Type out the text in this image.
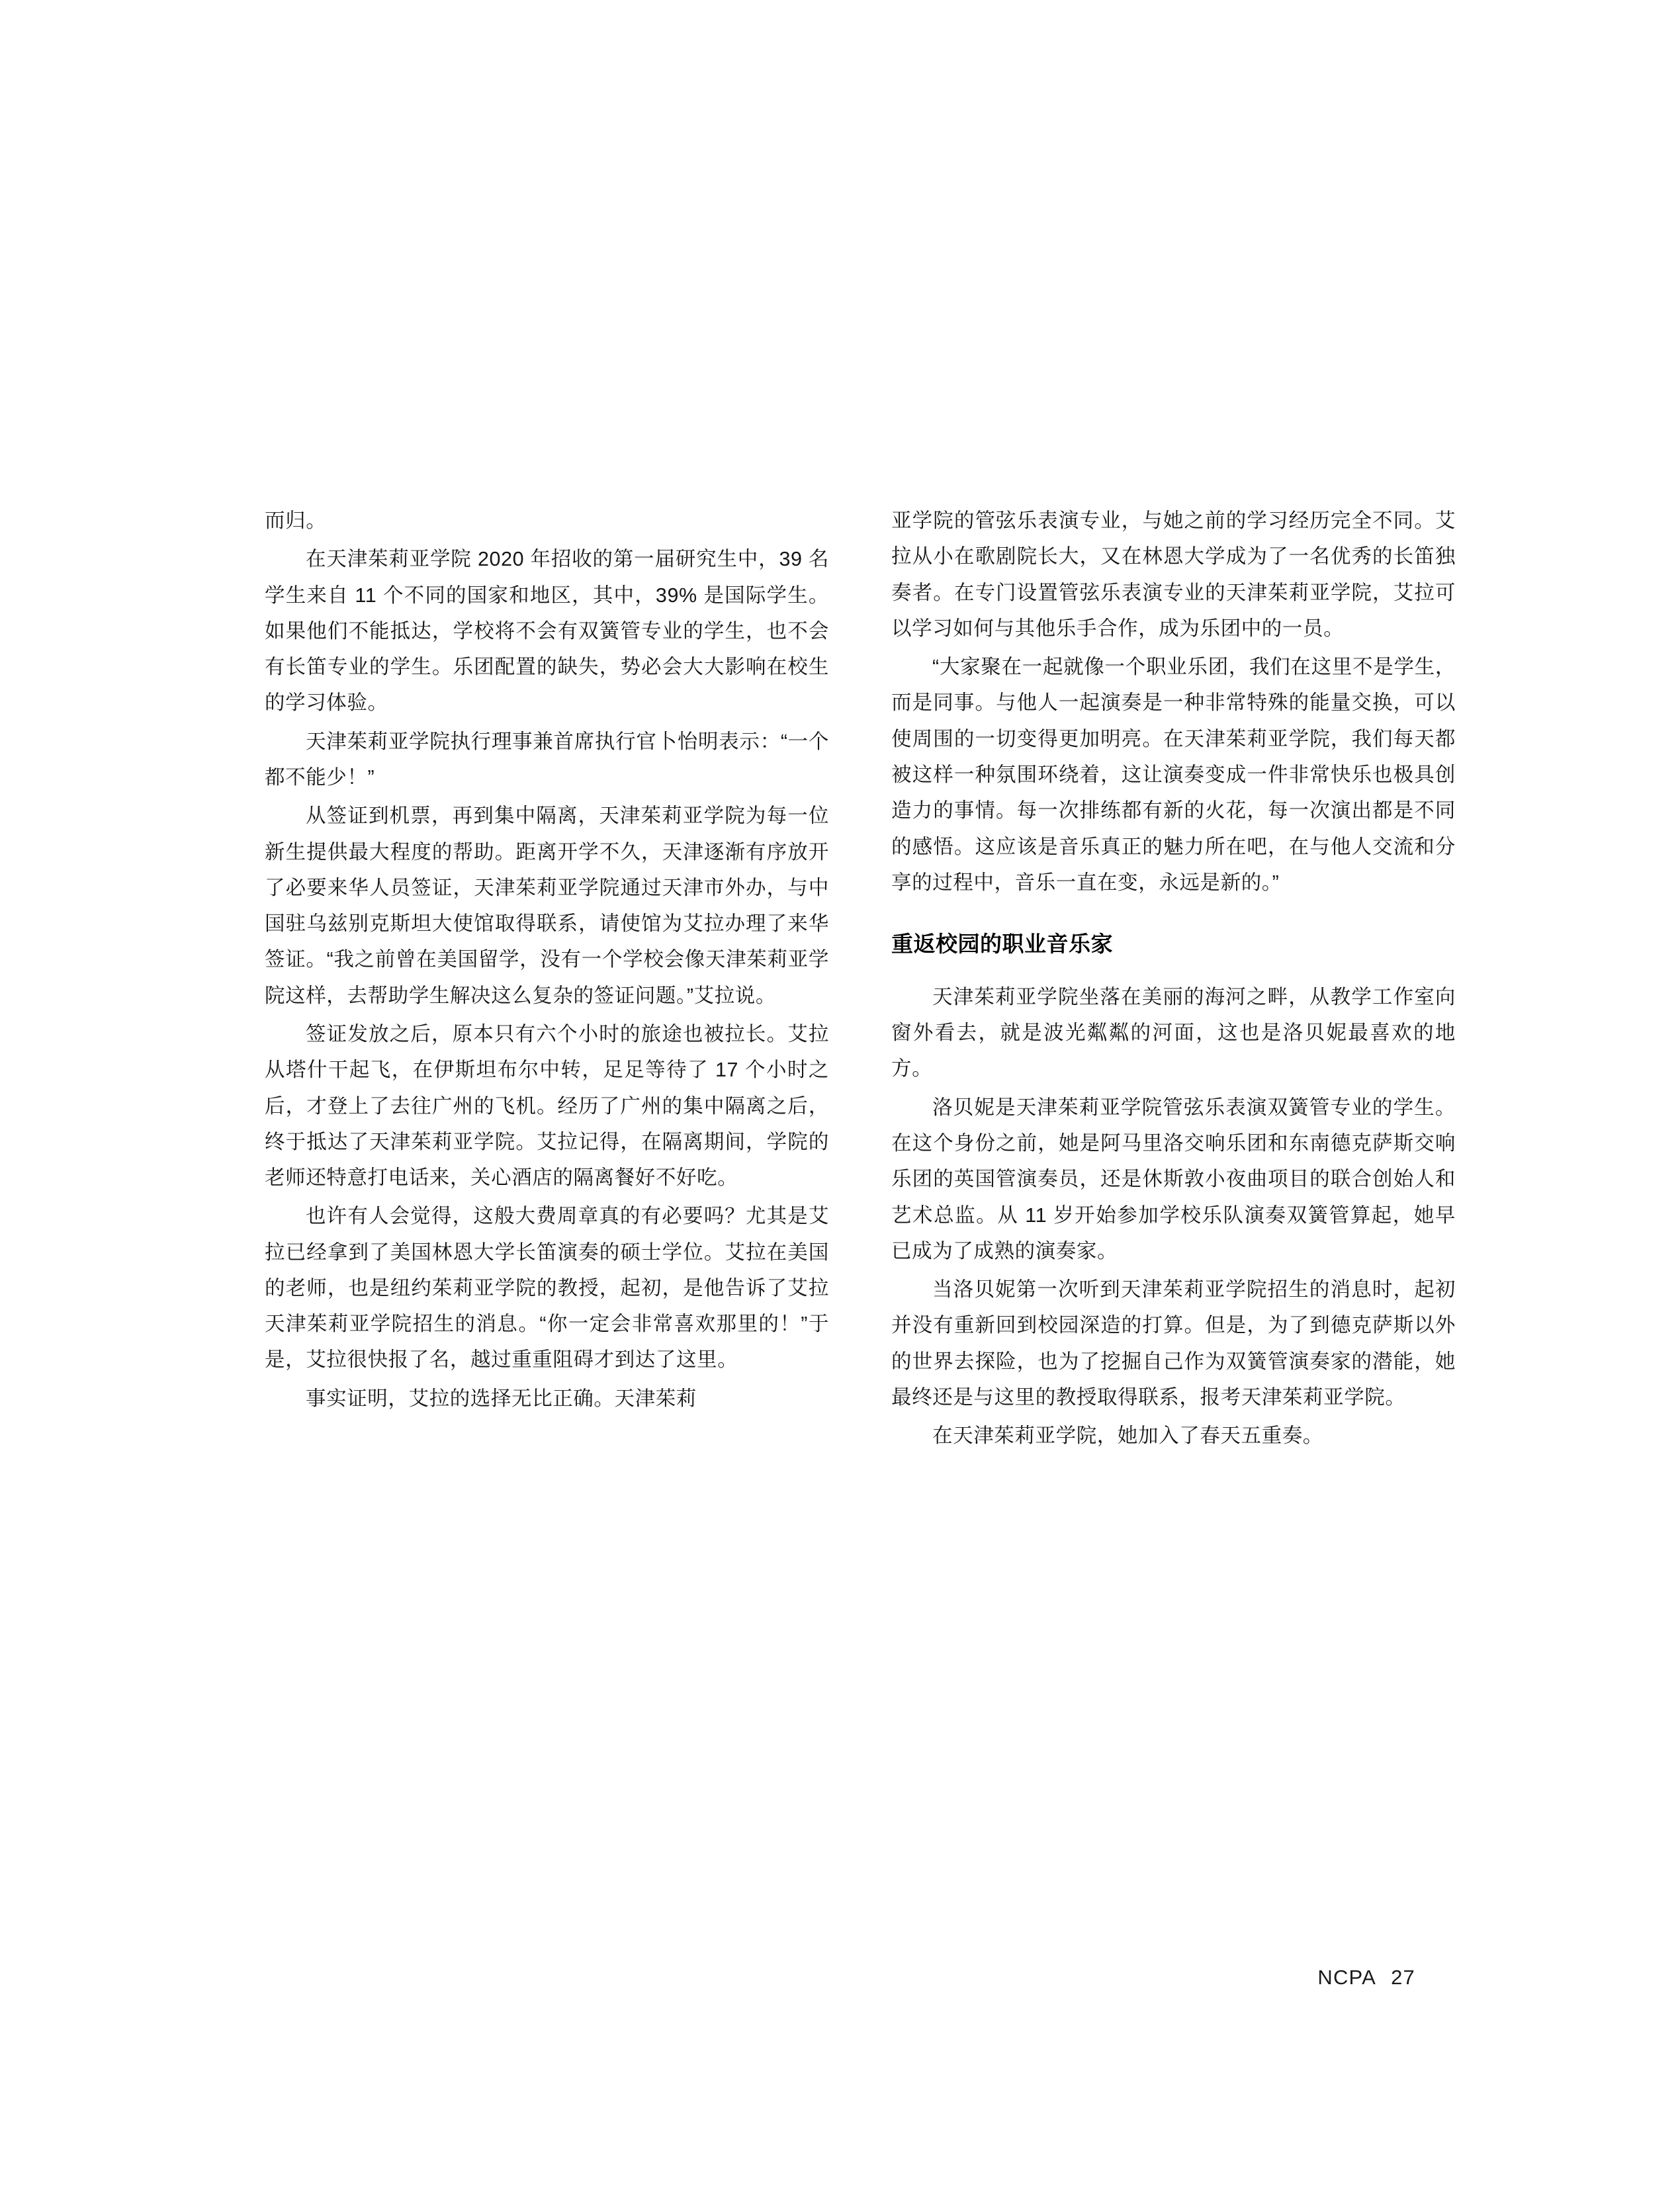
而归。

在天津茱莉亚学院 2020 年招收的第一届研究生中，39 名学生来自 11 个不同的国家和地区，其中，39% 是国际学生。如果他们不能抵达，学校将不会有双簧管专业的学生，也不会有长笛专业的学生。乐团配置的缺失，势必会大大影响在校生的学习体验。

天津茱莉亚学院执行理事兼首席执行官卜怡明表示：“一个都不能少！”

从签证到机票，再到集中隔离，天津茱莉亚学院为每一位新生提供最大程度的帮助。距离开学不久，天津逐渐有序放开了必要来华人员签证，天津茱莉亚学院通过天津市外办，与中国驻乌兹别克斯坦大使馆取得联系，请使馆为艾拉办理了来华签证。“我之前曾在美国留学，没有一个学校会像天津茱莉亚学院这样，去帮助学生解决这么复杂的签证问题。”艾拉说。

签证发放之后，原本只有六个小时的旅途也被拉长。艾拉从塔什干起飞，在伊斯坦布尔中转，足足等待了 17 个小时之后，才登上了去往广州的飞机。经历了广州的集中隔离之后，终于抵达了天津茱莉亚学院。艾拉记得，在隔离期间，学院的老师还特意打电话来，关心酒店的隔离餐好不好吃。

也许有人会觉得，这般大费周章真的有必要吗？尤其是艾拉已经拿到了美国林恩大学长笛演奏的硕士学位。艾拉在美国的老师，也是纽约茱莉亚学院的教授，起初，是他告诉了艾拉天津茱莉亚学院招生的消息。“你一定会非常喜欢那里的！”于是，艾拉很快报了名，越过重重阻碍才到达了这里。

事实证明，艾拉的选择无比正确。天津茱莉

亚学院的管弦乐表演专业，与她之前的学习经历完全不同。艾拉从小在歌剧院长大，又在林恩大学成为了一名优秀的长笛独奏者。在专门设置管弦乐表演专业的天津茱莉亚学院，艾拉可以学习如何与其他乐手合作，成为乐团中的一员。

“大家聚在一起就像一个职业乐团，我们在这里不是学生，而是同事。与他人一起演奏是一种非常特殊的能量交换，可以使周围的一切变得更加明亮。在天津茱莉亚学院，我们每天都被这样一种氛围环绕着，这让演奏变成一件非常快乐也极具创造力的事情。每一次排练都有新的火花，每一次演出都是不同的感悟。这应该是音乐真正的魅力所在吧，在与他人交流和分享的过程中，音乐一直在变，永远是新的。”

重返校园的职业音乐家

天津茱莉亚学院坐落在美丽的海河之畔，从教学工作室向窗外看去，就是波光粼粼的河面，这也是洛贝妮最喜欢的地方。

洛贝妮是天津茱莉亚学院管弦乐表演双簧管专业的学生。在这个身份之前，她是阿马里洛交响乐团和东南德克萨斯交响乐团的英国管演奏员，还是休斯敦小夜曲项目的联合创始人和艺术总监。从 11 岁开始参加学校乐队演奏双簧管算起，她早已成为了成熟的演奏家。

当洛贝妮第一次听到天津茱莉亚学院招生的消息时，起初并没有重新回到校园深造的打算。但是，为了到德克萨斯以外的世界去探险，也为了挖掘自己作为双簧管演奏家的潜能，她最终还是与这里的教授取得联系，报考天津茱莉亚学院。

在天津茱莉亚学院，她加入了春天五重奏。

NCPA 27
